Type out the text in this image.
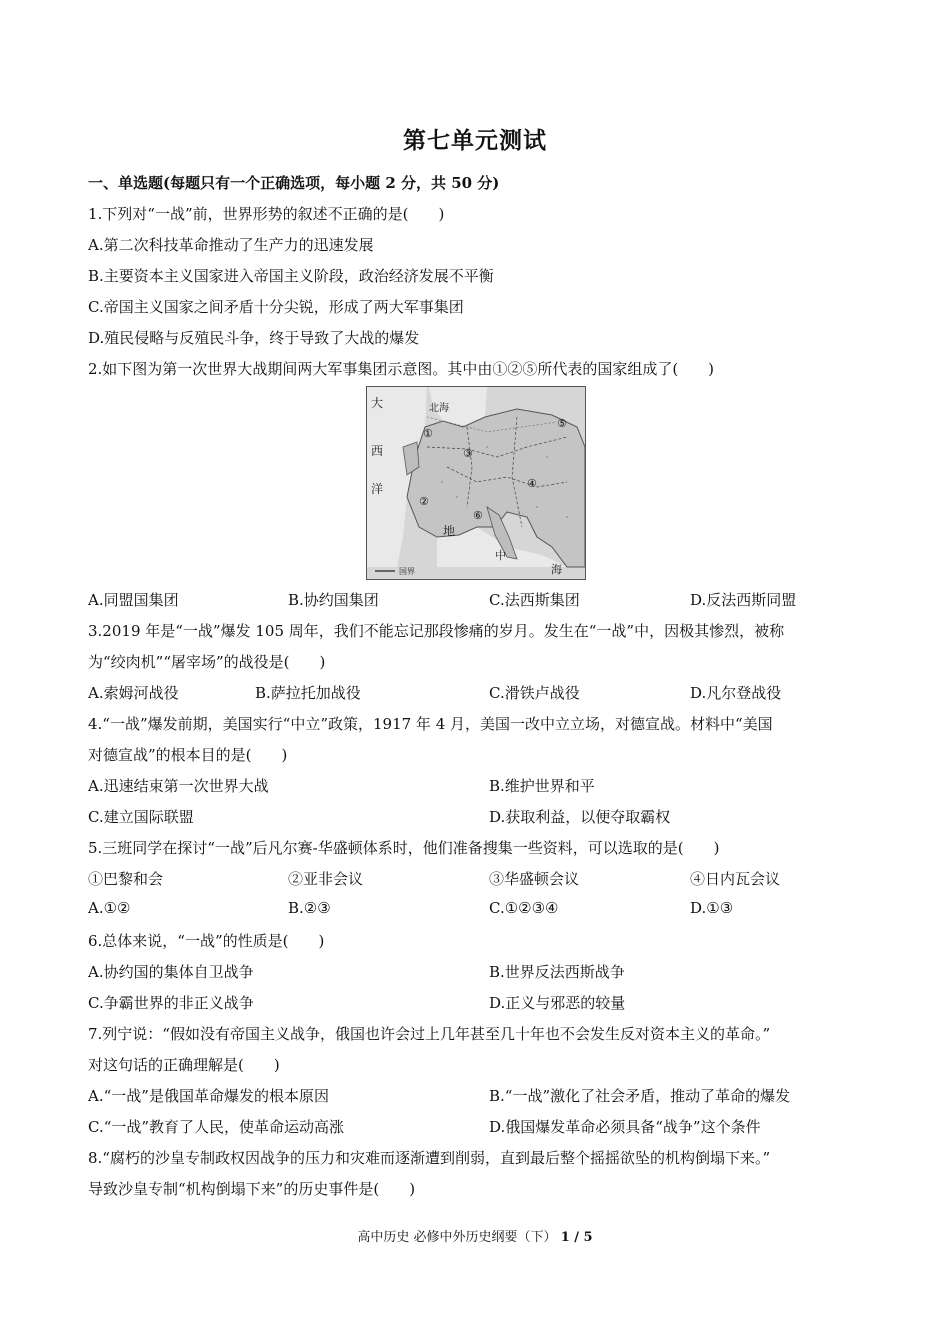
第七单元测试
一、单选题(每题只有一个正确选项，每小题 2 分，共 50 分)
1.下列对“一战”前，世界形势的叙述不正确的是(　　)
A.第二次科技革命推动了生产力的迅速发展
B.主要资本主义国家进入帝国主义阶段，政治经济发展不平衡
C.帝国主义国家之间矛盾十分尖锐，形成了两大军事集团
D.殖民侵略与反殖民斗争，终于导致了大战的爆发
2.如下图为第一次世界大战期间两大军事集团示意图。其中由①②⑤所代表的国家组成了(　　)
大	北海
西
洋
地
中
海
①
②
③
④
⑤
⑥
国界
A.同盟国集团	B.协约国集团	C.法西斯集团	D.反法西斯同盟
3.2019 年是“一战”爆发 105 周年，我们不能忘记那段惨痛的岁月。发生在“一战”中，因极其惨烈，被称
为“绞肉机”“屠宰场”的战役是(　　)
A.索姆河战役	B.萨拉托加战役	C.滑铁卢战役	D.凡尔登战役
4.“一战”爆发前期，美国实行“中立”政策，1917 年 4 月，美国一改中立立场，对德宣战。材料中“美国
对德宣战”的根本目的是(　　)
A.迅速结束第一次世界大战	B.维护世界和平
C.建立国际联盟	D.获取利益，以便夺取霸权
5.三班同学在探讨“一战”后凡尔赛-华盛顿体系时，他们准备搜集一些资料，可以选取的是(　　)
①巴黎和会	②亚非会议	③华盛顿会议	④日内瓦会议
A.①②	B.②③	C.①②③④	D.①③
6.总体来说，“一战”的性质是(　　)
A.协约国的集体自卫战争	B.世界反法西斯战争
C.争霸世界的非正义战争	D.正义与邪恶的较量
7.列宁说：“假如没有帝国主义战争，俄国也许会过上几年甚至几十年也不会发生反对资本主义的革命。”
对这句话的正确理解是(　　)
A.“一战”是俄国革命爆发的根本原因	B.“一战”激化了社会矛盾，推动了革命的爆发
C.“一战”教育了人民，使革命运动高涨	D.俄国爆发革命必须具备“战争”这个条件
8.“腐朽的沙皇专制政权因战争的压力和灾难而逐渐遭到削弱，直到最后整个摇摇欲坠的机构倒塌下来。”
导致沙皇专制“机构倒塌下来”的历史事件是(　　)
高中历史 必修中外历史纲要（下） 1 / 5
